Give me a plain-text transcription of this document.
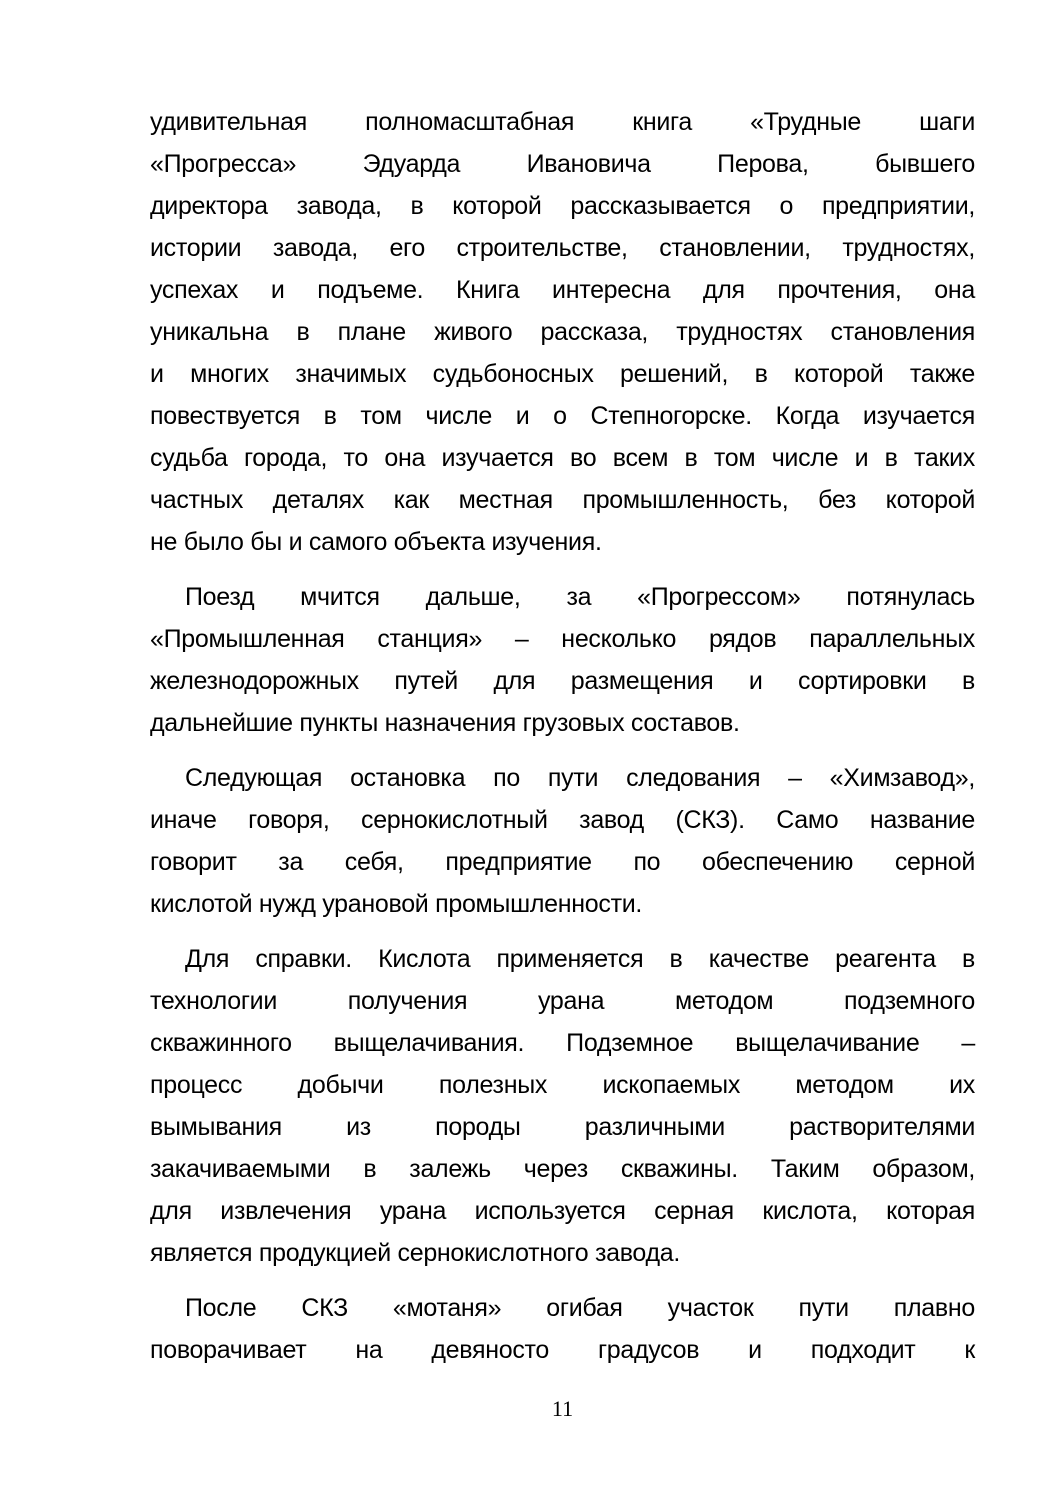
удивительная полномасштабная книга «Трудные шаги
«Прогресса» Эдуарда Ивановича Перова, бывшего
директора завода, в которой рассказывается о предприятии,
истории завода, его строительстве, становлении, трудностях,
успехах и подъеме. Книга интересна для прочтения, она
уникальна в плане живого рассказа, трудностях становления
и многих значимых судьбоносных решений, в которой также
повествуется в том числе и о Степногорске. Когда изучается
судьба города, то она изучается во всем в том числе и в таких
частных деталях как местная промышленность, без которой
не было бы и самого объекта изучения.
Поезд мчится дальше, за «Прогрессом» потянулась
«Промышленная станция» – несколько рядов параллельных
железнодорожных путей для размещения и сортировки в
дальнейшие пункты назначения грузовых составов.
Следующая остановка по пути следования – «Химзавод»,
иначе говоря, сернокислотный завод (СКЗ). Само название
говорит за себя, предприятие по обеспечению серной
кислотой нужд урановой промышленности.
Для справки. Кислота применяется в качестве реагента в
технологии получения урана методом подземного
скважинного выщелачивания. Подземное выщелачивание –
процесс добычи полезных ископаемых методом их
вымывания из породы различными растворителями
закачиваемыми в залежь через скважины. Таким образом,
для извлечения урана используется серная кислота, которая
является продукцией сернокислотного завода.
После СКЗ «мотаня» огибая участок пути плавно
поворачивает на девяносто градусов и подходит к
11
